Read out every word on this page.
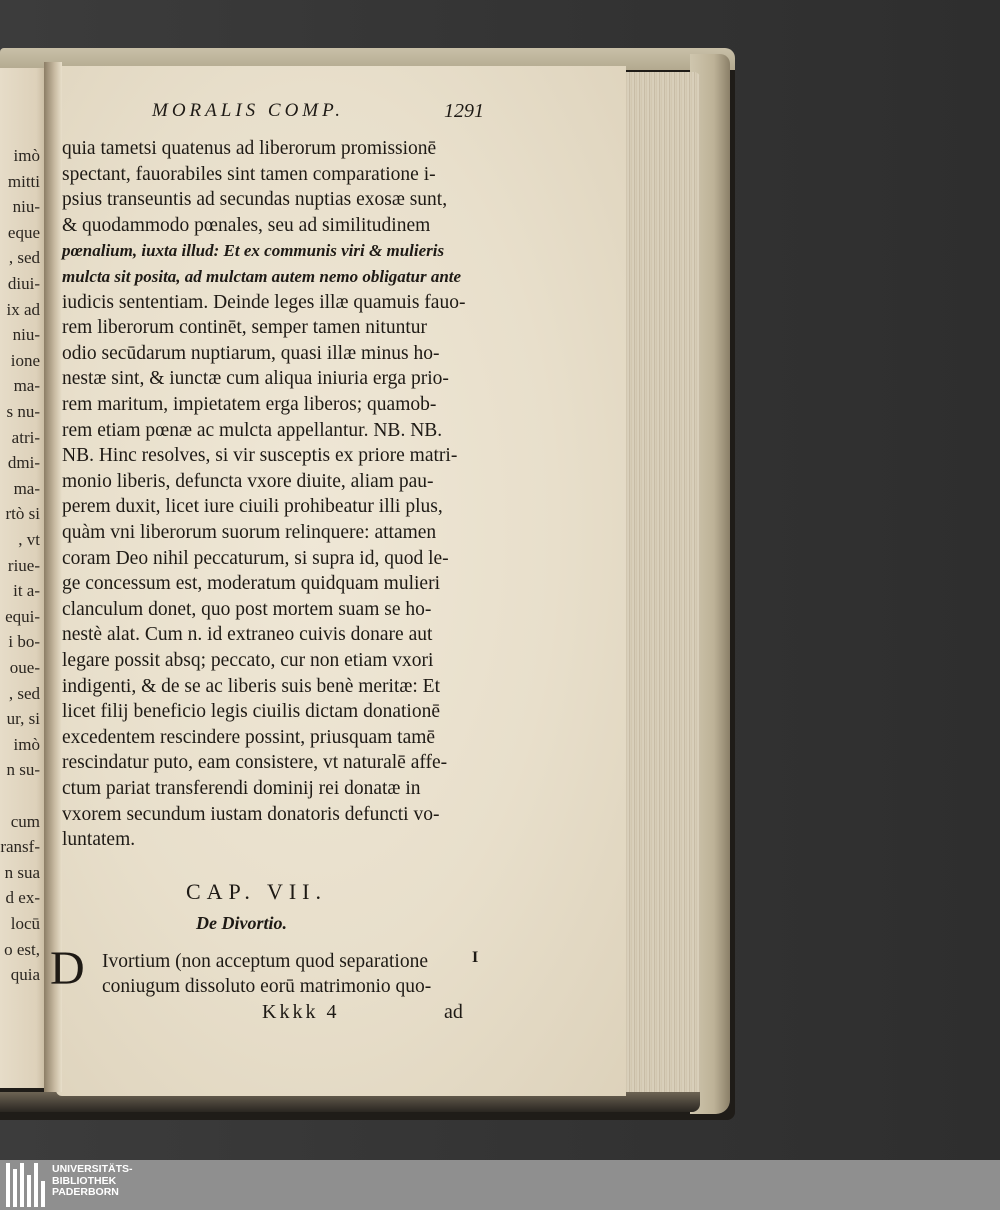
imò
mitti
niu-
eque
, sed
diui-
ix ad
niu-
ione
ma-
s nu-
atri-
dmi-
ma-
rtò si
, vt
riue-
it a-
equi-
i bo-
oue-
, sed
ur, si
imò
n su-
cum
ransf-
n sua
d ex-
locū
o est,
quia
MORALIS COMP.	1291
quia tametsi quatenus ad liberorum promissionē
spectant, fauorabiles sint tamen comparatione i-
psius transeuntis ad secundas nuptias exosæ sunt,
& quodammodo pœnales, seu ad similitudinem
pœnalium, iuxta illud: Et ex communis viri & mulieris
mulcta sit posita, ad mulctam autem nemo obligatur ante
iudicis sententiam. Deinde leges illæ quamuis fauo-
rem liberorum continēt, semper tamen nituntur
odio secūdarum nuptiarum, quasi illæ minus ho-
nestæ sint, & iunctæ cum aliqua iniuria erga prio-
rem maritum, impietatem erga liberos; quamob-
rem etiam pœnæ ac mulcta appellantur. NB. NB.
NB. Hinc resolves, si vir susceptis ex priore matri-
monio liberis, defuncta vxore diuite, aliam pau-
perem duxit, licet iure ciuili prohibeatur illi plus,
quàm vni liberorum suorum relinquere: attamen
coram Deo nihil peccaturum, si supra id, quod le-
ge concessum est, moderatum quidquam mulieri
clanculum donet, quo post mortem suam se ho-
nestè alat. Cum n. id extraneo cuivis donare aut
legare possit absq; peccato, cur non etiam vxori
indigenti, & de se ac liberis suis benè meritæ: Et
licet filij beneficio legis ciuilis dictam donationē
excedentem rescindere possint, priusquam tamē
rescindatur puto, eam consistere, vt naturalē affe-
ctum pariat transferendi dominij rei donatæ in
vxorem secundum iustam donatoris defuncti vo-
luntatem.
CAP. VII.
De Divortio.
D Ivortium (non acceptum quod separatione
coniugum dissoluto eorū matrimonio quo-
I
Kkkk 4	ad
UNIVERSITÄTS-
BIBLIOTHEK
PADERBORN
